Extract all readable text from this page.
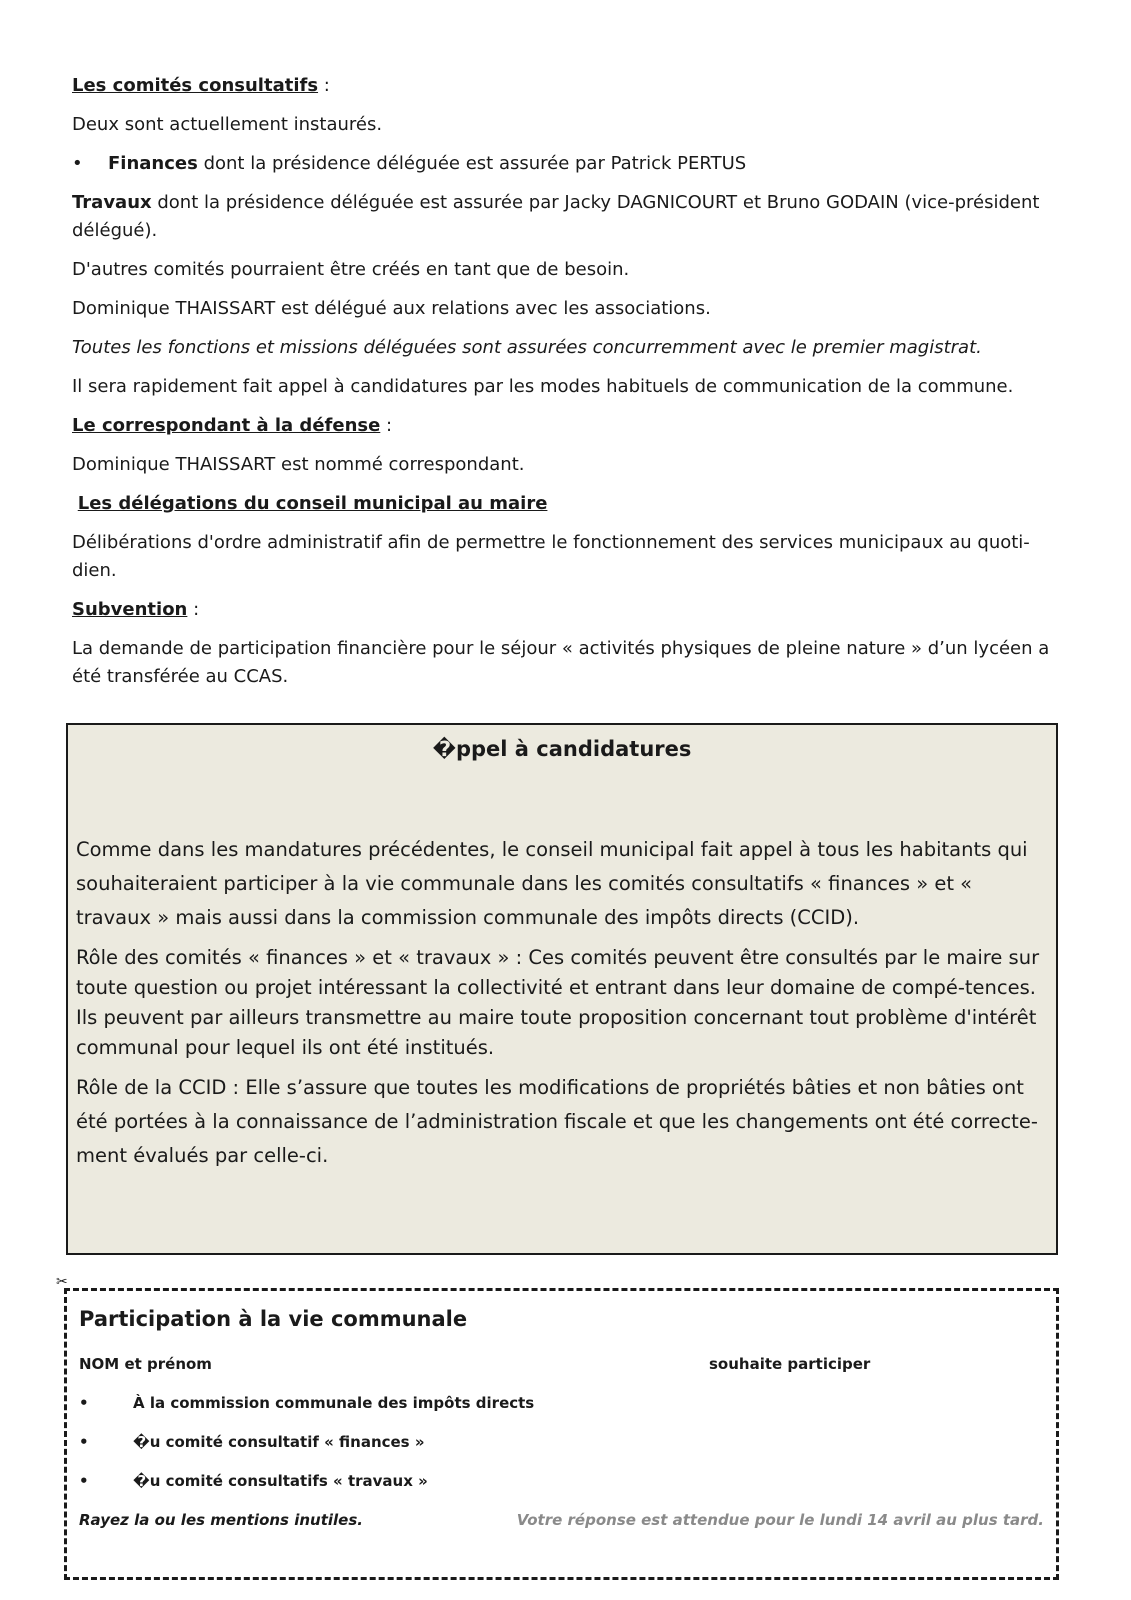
Les comités consultatifs :

Deux sont actuellement instaurés.

•	Finances dont la présidence déléguée est assurée par Patrick PERTUS

Travaux dont la présidence déléguée est assurée par Jacky DAGNICOURT et Bruno GODAIN (vice-président délégué).

D'autres comités pourraient être créés en tant que de besoin.

Dominique THAISSART est délégué aux relations avec les associations.

Toutes les fonctions et missions déléguées sont assurées concurremment avec le premier magistrat.

Il sera rapidement fait appel à candidatures par les modes habituels de communication de la commune.

Le correspondant à la défense :

Dominique THAISSART est nommé correspondant.

Les délégations du conseil municipal au maire

Délibérations d'ordre administratif afin de permettre le fonctionnement des services municipaux au quoti-dien.

Subvention :

La demande de participation financière pour le séjour « activités physiques de pleine nature » d’un lycéen a été transférée au CCAS.

�ppel à candidatures

Comme dans les mandatures précédentes, le conseil municipal fait appel à tous les habitants qui souhaiteraient participer à la vie communale dans les comités consultatifs « finances » et « travaux » mais aussi dans la commission communale des impôts directs (CCID).

Rôle des comités « finances » et « travaux » : Ces comités peuvent être consultés par le maire sur toute question ou projet intéressant la collectivité et entrant dans leur domaine de compé-tences. Ils peuvent par ailleurs transmettre au maire toute proposition concernant tout problème d'intérêt communal pour lequel ils ont été institués.

Rôle de la CCID : Elle s’assure que toutes les modifications de propriétés bâties et non bâties ont été portées à la connaissance de l’administration fiscale et que les changements ont été correcte-ment évalués par celle-ci.

✂
Participation à la vie communale
NOM et prénom	souhaite participer
•	À la commission communale des impôts directs
•	�u comité consultatif « finances »
•	�u comité consultatifs « travaux »
Rayez la ou les mentions inutiles.	Votre réponse est attendue pour le lundi 14 avril au plus tard.
